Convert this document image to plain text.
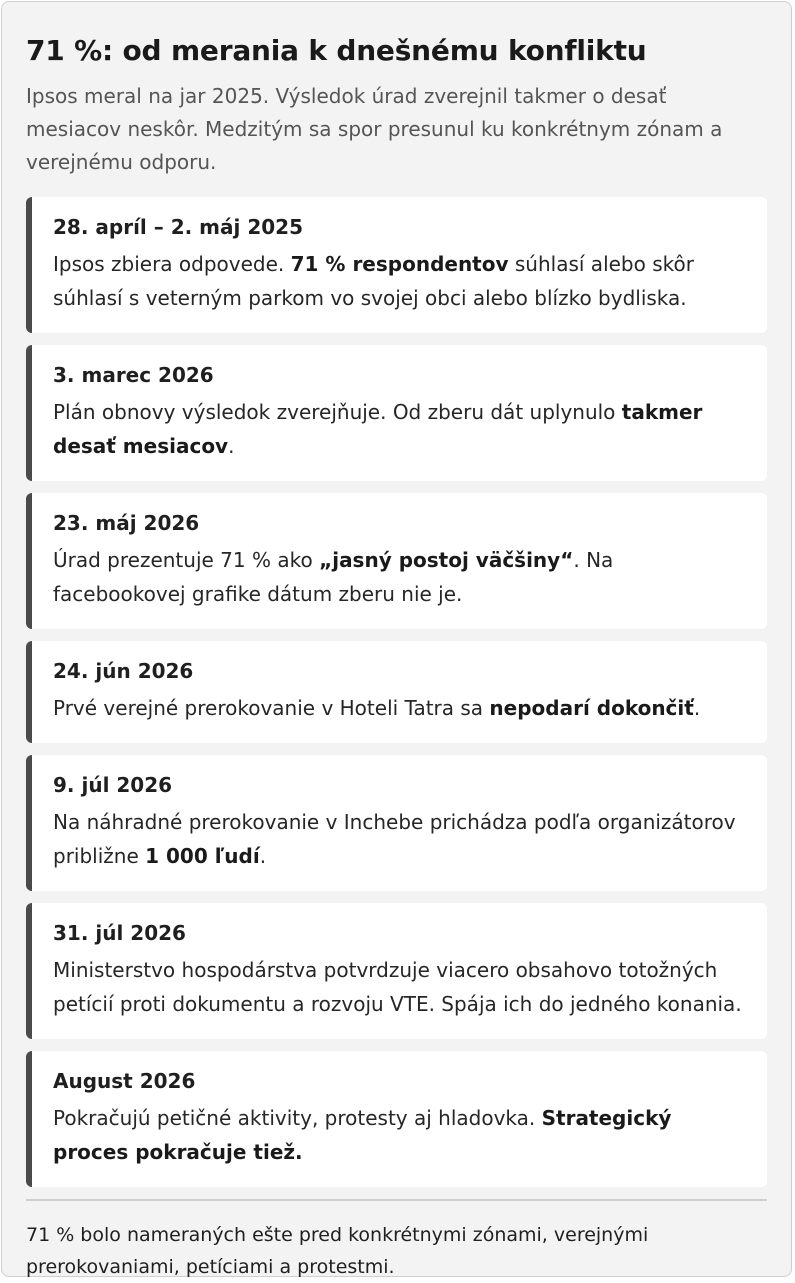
71 %: od merania k dnešnému konfliktu

Ipsos meral na jar 2025. Výsledok úrad zverejnil takmer o desať mesiacov neskôr. Medzitým sa spor presunul ku konkrétnym zónam a verejnému odporu.

28. apríl – 2. máj 2025
Ipsos zbiera odpovede. 71 % respondentov súhlasí alebo skôr súhlasí s veterným parkom vo svojej obci alebo blízko bydliska.
3. marec 2026
Plán obnovy výsledok zverejňuje. Od zberu dát uplynulo takmer desať mesiacov.
23. máj 2026
Úrad prezentuje 71 % ako „jasný postoj väčšiny“. Na facebookovej grafike dátum zberu nie je.
24. jún 2026
Prvé verejné prerokovanie v Hoteli Tatra sa nepodarí dokončiť.
9. júl 2026
Na náhradné prerokovanie v Inchebe prichádza podľa organizátorov približne 1 000 ľudí.
31. júl 2026
Ministerstvo hospodárstva potvrdzuje viacero obsahovo totožných petícií proti dokumentu a rozvoju VTE. Spája ich do jedného konania.
August 2026
Pokračujú petičné aktivity, protesty aj hladovka. Strategický proces pokračuje tiež.

71 % bolo nameraných ešte pred konkrétnymi zónami, verejnými prerokovaniami, petíciami a protestmi.
